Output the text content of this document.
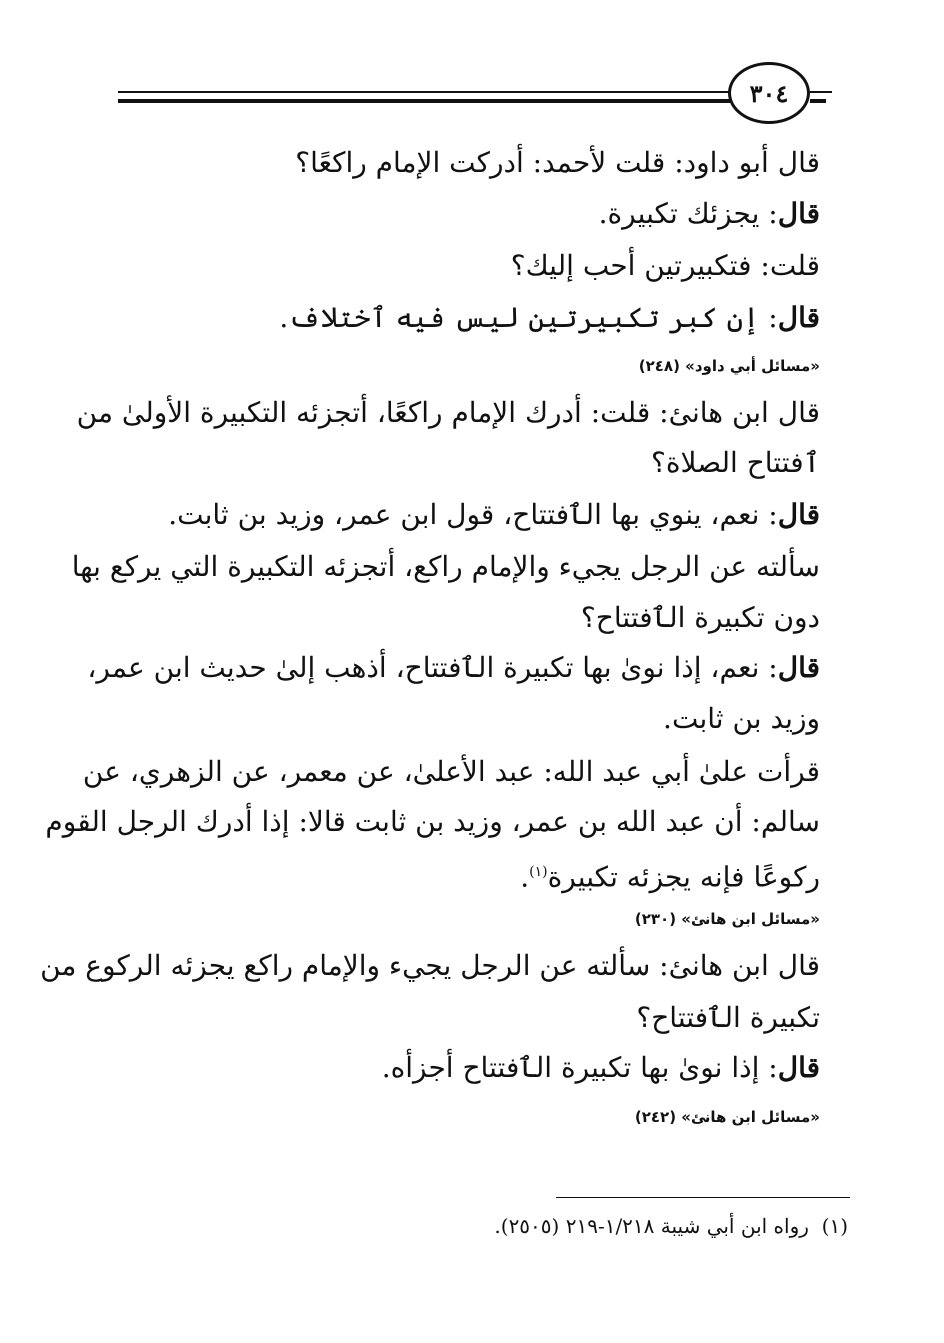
٣٠٤
قال أبو داود: قلت لأحمد: أدركت الإمام راكعًا؟
قال: يجزئك تكبيرة.
قلت: فتكبيرتين أحب إليك؟
قال: إن كبر تكبيرتين ليس فيه ٱختلاف.
«مسائل أبي داود» (٢٤٨)
قال ابن هانئ: قلت: أدرك الإمام راكعًا، أتجزئه التكبيرة الأولىٰ من
ٱفتتاح الصلاة؟
قال: نعم، ينوي بها الٱفتتاح، قول ابن عمر، وزيد بن ثابت.
سألته عن الرجل يجيء والإمام راكع، أتجزئه التكبيرة التي يركع بها
دون تكبيرة الٱفتتاح؟
قال: نعم، إذا نوىٰ بها تكبيرة الٱفتتاح، أذهب إلىٰ حديث ابن عمر،
وزيد بن ثابت.
قرأت علىٰ أبي عبد الله: عبد الأعلىٰ، عن معمر، عن الزهري، عن
سالم: أن عبد الله بن عمر، وزيد بن ثابت قالا: إذا أدرك الرجل القوم
ركوعًا فإنه يجزئه تكبيرة$^{(١)}$.
«مسائل ابن هانئ» (٢٣٠)
قال ابن هانئ: سألته عن الرجل يجيء والإمام راكع يجزئه الركوع من
تكبيرة الٱفتتاح؟
قال: إذا نوىٰ بها تكبيرة الٱفتتاح أجزأه.
«مسائل ابن هانئ» (٢٤٢)
(١)  رواه ابن أبي شيبة ١/٢١٨-٢١٩ (٢٥٠٥).
